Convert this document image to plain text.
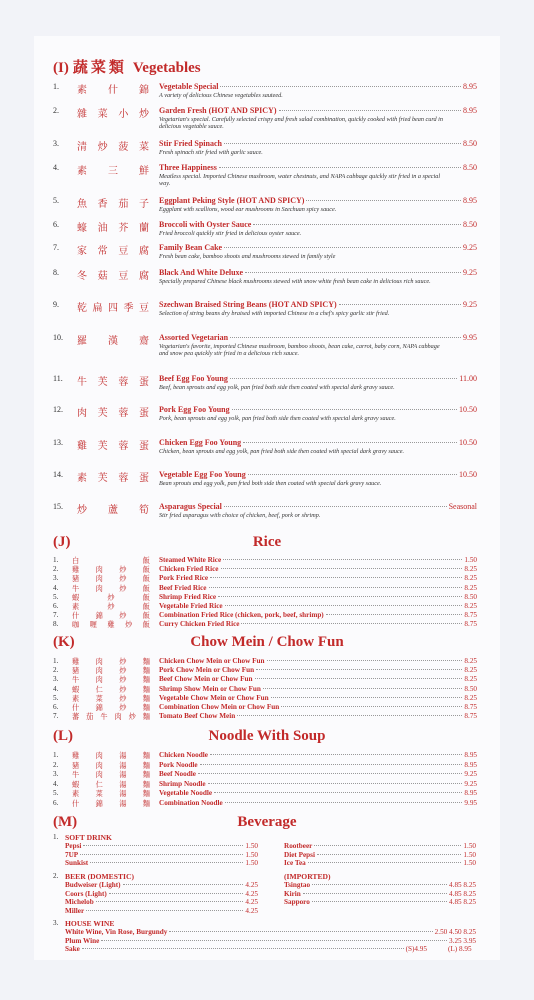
(I) 蔬菜類 Vegetables
1. 素 什 錦 Vegetable Special	8.95
A variety of delicious Chinese vegetables sauteed.
2. 雜 菜 小 炒 Garden Fresh (HOT AND SPICY)	8.95
Vegetarian's special. Carefully selected crispy and fresh salad combination, quickly cooked with fried bean curd in delicious vegetable sauce.
3. 清 炒 菠 菜 Stir Fried Spinach	8.50
Fresh spinach stir fried with garlic sauce.
4. 素 三 鮮 Three Happiness	8.50
Meatless special. Imported Chinese mushroom, water chestnuts, and NAPA cabbage quickly stir fried in a special way.
5. 魚 香 茄 子 Eggplant Peking Style (HOT AND SPICY)	8.95
Eggplant with scallions, wood ear mushrooms in Szechuan spicy sauce.
6. 蠔 油 芥 蘭 Broccoli with Oyster Sauce	8.50
Fried broccoli quickly stir fried in delicious oyster sauce.
7. 家 常 豆 腐 Family Bean Cake	9.25
Fresh bean cake, bamboo shoots and mushrooms stewed in family style
8. 冬 菇 豆 腐 Black And White Deluxe	9.25
Specially prepared Chinese black mushrooms stewed with snow white fresh bean cake in delicious rich sauce.
9. 乾 扁 四 季 豆 Szechwan Braised String Beans (HOT AND SPICY)	9.25
Selection of string beans dry braised with imported Chinese in a chef's spicy garlic stir fried.
10. 羅 漢 齋 Assorted Vegetarian	9.95
Vegetarian's favorite, imported Chinese mushroom, bamboo shoots, bean cake, carrot, baby corn, NAPA cabbage and snow pea quickly stir fried in a delicious rich sauce.
11. 牛 芙 蓉 蛋 Beef Egg Foo Young	11.00
Beef, bean sprouts and egg yolk, pan fried both side then coated with special dark gravy sauce.
12. 肉 芙 蓉 蛋 Pork Egg Foo Young	10.50
Pork, bean sprouts and egg yolk, pan fried both side then coated with special dark gravy sauce.
13. 雞 芙 蓉 蛋 Chicken Egg Foo Young	10.50
Chicken, bean sprouts and egg yolk, pan fried both side then coated with special dark gravy sauce.
14. 素 芙 蓉 蛋 Vegetable Egg Foo Young	10.50
Bean sprouts and egg yolk, pan fried both side then coated with special dark gravy sauce.
15. 炒 蘆 筍 Asparagus Special	Seasonal
Stir fried asparagus with choice of chicken, beef, pork or shrimp.
(J)	Rice
1. 白	飯 Steamed White Rice	1.50
2. 雞 肉 炒 飯 Chicken Fried Rice	8.25
3. 豬 肉 炒 飯 Pork Fried Rice	8.25
4. 牛 肉 炒 飯 Beef Fried Rice	8.25
5. 蝦	炒	飯 Shrimp Fried Rice	8.50
6. 素	炒	飯 Vegetable Fried Rice	8.25
7. 什 錦 炒 飯 Combination Fried Rice (chicken, pork, beef, shrimp)	8.75
8. 咖 喱 雞 炒 飯 Curry Chicken Fried Rice	8.75
(K)	Chow Mein / Chow Fun
1. 雞 肉 炒 麵 Chicken Chow Mein or Chow Fun	8.25
2. 豬 肉 炒 麵 Pork Chow Mein or Chow Fun	8.25
3. 牛 肉 炒 麵 Beef Chow Mein or Chow Fun	8.25
4. 蝦 仁 炒 麵 Shrimp Show Mein or Chow Fun	8.50
5. 素 菜 炒 麵 Vegetable Chow Mein or Chow Fun	8.25
6. 什 錦 炒 麵 Combination Chow Mein or Chow Fun	8.75
7. 蕃 茄 牛 肉 炒 麵 Tomato Beef Chow Mein	8.75
(L)	Noodle With Soup
1. 雞 肉 湯 麵 Chicken Noodle	8.95
2. 豬 肉 湯 麵 Pork Noodle	8.95
3. 牛 肉 湯 麵 Beef Noodle	9.25
4. 蝦 仁 湯 麵 Shrimp Noodle	9.25
5. 素 菜 湯 麵 Vegetable Noodle	8.95
6. 什 錦 湯 麵 Combination Noodle	9.95
(M)	Beverage
1. SOFT DRINK
Pepsi	1.50
7UP	1.50
Sunkist	1.50
Rootbeer	1.50
Diet Pepsi	1.50
Ice Tea	1.50
2. BEER (DOMESTIC)	(IMPORTED)
Budweiser (Light)	4.25
Coors (Light)	4.25
Michelob	4.25
Miller	4.25
Tsingtao	4.85 8.25
Kirin	4.85 8.25
Sapporo	4.85 8.25
3. HOUSE WINE
White Wine, Vin Rose, Burgundy	2.50 4.50 8.25
Plum Wine	3.25 3.95
Sake	(S)4.95	(L) 8.95
